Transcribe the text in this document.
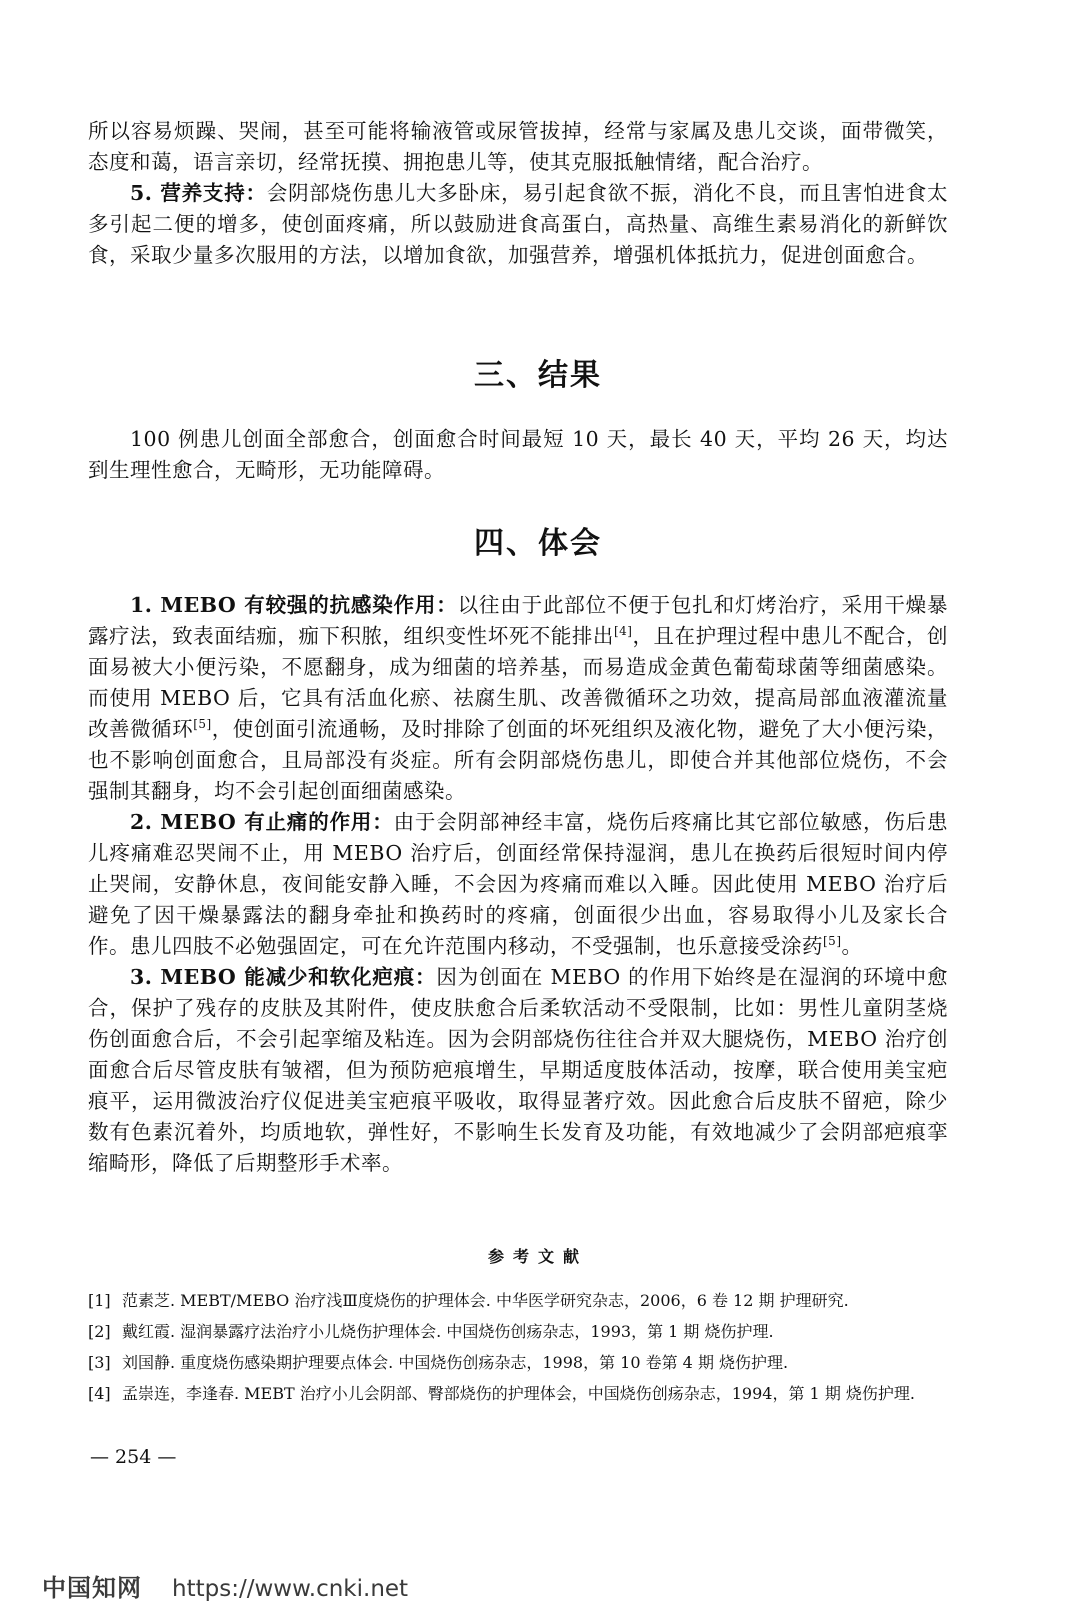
所以容易烦躁、哭闹，甚至可能将输液管或尿管拔掉，经常与家属及患儿交谈，面带微笑，态度和蔼，语言亲切，经常抚摸、拥抱患儿等，使其克服抵触情绪，配合治疗。

5. 营养支持：会阴部烧伤患儿大多卧床，易引起食欲不振，消化不良，而且害怕进食太多引起二便的增多，使创面疼痛，所以鼓励进食高蛋白，高热量、高维生素易消化的新鲜饮食，采取少量多次服用的方法，以增加食欲，加强营养，增强机体抵抗力，促进创面愈合。

三、结果

100 例患儿创面全部愈合，创面愈合时间最短 10 天，最长 40 天，平均 26 天，均达到生理性愈合，无畸形，无功能障碍。

四、体会

1. MEBO 有较强的抗感染作用：以往由于此部位不便于包扎和灯烤治疗，采用干燥暴露疗法，致表面结痂，痂下积脓，组织变性坏死不能排出[4]，且在护理过程中患儿不配合，创面易被大小便污染，不愿翻身，成为细菌的培养基，而易造成金黄色葡萄球菌等细菌感染。而使用 MEBO 后，它具有活血化瘀、祛腐生肌、改善微循环之功效，提高局部血液灌流量改善微循环[5]，使创面引流通畅，及时排除了创面的坏死组织及液化物，避免了大小便污染，也不影响创面愈合，且局部没有炎症。所有会阴部烧伤患儿，即使合并其他部位烧伤，不会强制其翻身，均不会引起创面细菌感染。

2. MEBO 有止痛的作用：由于会阴部神经丰富，烧伤后疼痛比其它部位敏感，伤后患儿疼痛难忍哭闹不止，用 MEBO 治疗后，创面经常保持湿润，患儿在换药后很短时间内停止哭闹，安静休息，夜间能安静入睡，不会因为疼痛而难以入睡。因此使用 MEBO 治疗后避免了因干燥暴露法的翻身牵扯和换药时的疼痛，创面很少出血，容易取得小儿及家长合作。患儿四肢不必勉强固定，可在允许范围内移动，不受强制，也乐意接受涂药[5]。

3. MEBO 能减少和软化疤痕：因为创面在 MEBO 的作用下始终是在湿润的环境中愈合，保护了残存的皮肤及其附件，使皮肤愈合后柔软活动不受限制，比如：男性儿童阴茎烧伤创面愈合后，不会引起挛缩及粘连。因为会阴部烧伤往往合并双大腿烧伤，MEBO 治疗创面愈合后尽管皮肤有皱褶，但为预防疤痕增生，早期适度肢体活动，按摩，联合使用美宝疤痕平，运用微波治疗仪促进美宝疤痕平吸收，取得显著疗效。因此愈合后皮肤不留疤，除少数有色素沉着外，均质地软，弹性好，不影响生长发育及功能，有效地减少了会阴部疤痕挛缩畸形，降低了后期整形手术率。

参考文献
[1] 范素芝. MEBT/MEBO 治疗浅Ⅲ度烧伤的护理体会. 中华医学研究杂志，2006，6 卷 12 期 护理研究.
[2] 戴红霞. 湿润暴露疗法治疗小儿烧伤护理体会. 中国烧伤创疡杂志，1993，第 1 期 烧伤护理.
[3] 刘国静. 重度烧伤感染期护理要点体会. 中国烧伤创疡杂志，1998，第 10 卷第 4 期 烧伤护理.
[4] 孟崇连，李逢春. MEBT 治疗小儿会阴部、臀部烧伤的护理体会，中国烧伤创疡杂志，1994，第 1 期 烧伤护理.
— 254 —
中国知网 https://www.cnki.net
